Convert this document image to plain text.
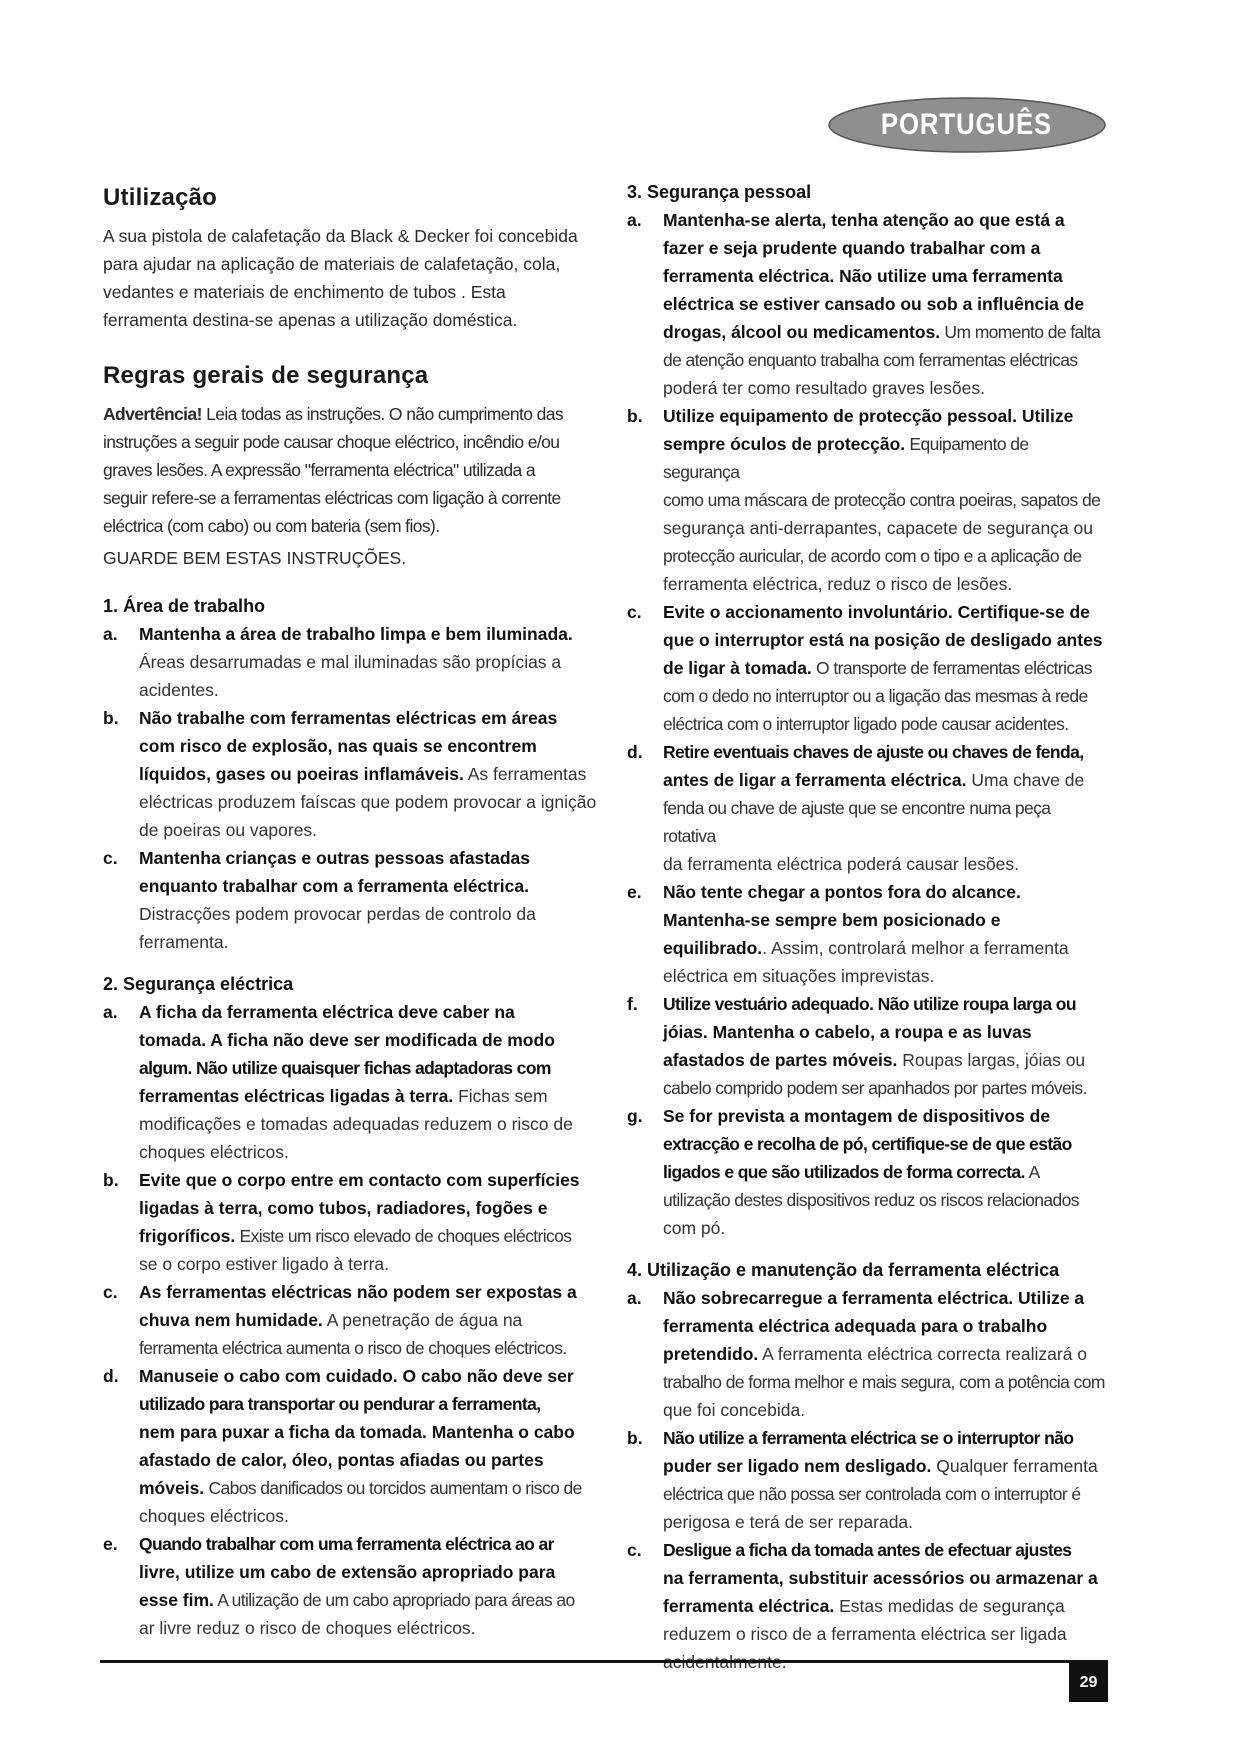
PORTUGUÊS
Utilização
A sua pistola de calafetação da Black & Decker foi concebida
para ajudar na aplicação de materiais de calafetação, cola,
vedantes e materiais de enchimento de tubos . Esta
ferramenta destina-se apenas a utilização doméstica.
Regras gerais de segurança
Advertência! Leia todas as instruções. O não cumprimento das
instruções a seguir pode causar choque eléctrico, incêndio e/ou
graves lesões. A expressão "ferramenta eléctrica" utilizada a
seguir refere-se a ferramentas eléctricas com ligação à corrente
eléctrica (com cabo) ou com bateria (sem fios).
GUARDE BEM ESTAS INSTRUÇÕES.
1. Área de trabalho
a. Mantenha a área de trabalho limpa e bem iluminada.
Áreas desarrumadas e mal iluminadas são propícias a
acidentes.
b. Não trabalhe com ferramentas eléctricas em áreas
com risco de explosão, nas quais se encontrem
líquidos, gases ou poeiras inflamáveis. As ferramentas
eléctricas produzem faíscas que podem provocar a ignição
de poeiras ou vapores.
c. Mantenha crianças e outras pessoas afastadas
enquanto trabalhar com a ferramenta eléctrica.
Distracções podem provocar perdas de controlo da
ferramenta.
2. Segurança eléctrica
a. A ficha da ferramenta eléctrica deve caber na
tomada. A ficha não deve ser modificada de modo
algum. Não utilize quaisquer fichas adaptadoras com
ferramentas eléctricas ligadas à terra. Fichas sem
modificações e tomadas adequadas reduzem o risco de
choques eléctricos.
b. Evite que o corpo entre em contacto com superfícies
ligadas à terra, como tubos, radiadores, fogões e
frigoríficos. Existe um risco elevado de choques eléctricos
se o corpo estiver ligado à terra.
c. As ferramentas eléctricas não podem ser expostas a
chuva nem humidade. A penetração de água na
ferramenta eléctrica aumenta o risco de choques eléctricos.
d. Manuseie o cabo com cuidado. O cabo não deve ser
utilizado para transportar ou pendurar a ferramenta,
nem para puxar a ficha da tomada. Mantenha o cabo
afastado de calor, óleo, pontas afiadas ou partes
móveis. Cabos danificados ou torcidos aumentam o risco de
choques eléctricos.
e. Quando trabalhar com uma ferramenta eléctrica ao ar
livre, utilize um cabo de extensão apropriado para
esse fim. A utilização de um cabo apropriado para áreas ao
ar livre reduz o risco de choques eléctricos.
3. Segurança pessoal
a. Mantenha-se alerta, tenha atenção ao que está a
fazer e seja prudente quando trabalhar com a
ferramenta eléctrica. Não utilize uma ferramenta
eléctrica se estiver cansado ou sob a influência de
drogas, álcool ou medicamentos. Um momento de falta
de atenção enquanto trabalha com ferramentas eléctricas
poderá ter como resultado graves lesões.
b. Utilize equipamento de protecção pessoal. Utilize
sempre óculos de protecção. Equipamento de segurança
como uma máscara de protecção contra poeiras, sapatos de
segurança anti-derrapantes, capacete de segurança ou
protecção auricular, de acordo com o tipo e a aplicação de
ferramenta eléctrica, reduz o risco de lesões.
c. Evite o accionamento involuntário. Certifique-se de
que o interruptor está na posição de desligado antes
de ligar à tomada. O transporte de ferramentas eléctricas
com o dedo no interruptor ou a ligação das mesmas à rede
eléctrica com o interruptor ligado pode causar acidentes.
d. Retire eventuais chaves de ajuste ou chaves de fenda,
antes de ligar a ferramenta eléctrica. Uma chave de
fenda ou chave de ajuste que se encontre numa peça rotativa
da ferramenta eléctrica poderá causar lesões.
e. Não tente chegar a pontos fora do alcance.
Mantenha-se sempre bem posicionado e
equilibrado.. Assim, controlará melhor a ferramenta
eléctrica em situações imprevistas.
f. Utilize vestuário adequado. Não utilize roupa larga ou
jóias. Mantenha o cabelo, a roupa e as luvas
afastados de partes móveis. Roupas largas, jóias ou
cabelo comprido podem ser apanhados por partes móveis.
g. Se for prevista a montagem de dispositivos de
extracção e recolha de pó, certifique-se de que estão
ligados e que são utilizados de forma correcta. A
utilização destes dispositivos reduz os riscos relacionados
com pó.
4. Utilização e manutenção da ferramenta eléctrica
a. Não sobrecarregue a ferramenta eléctrica. Utilize a
ferramenta eléctrica adequada para o trabalho
pretendido. A ferramenta eléctrica correcta realizará o
trabalho de forma melhor e mais segura, com a potência com
que foi concebida.
b. Não utilize a ferramenta eléctrica se o interruptor não
puder ser ligado nem desligado. Qualquer ferramenta
eléctrica que não possa ser controlada com o interruptor é
perigosa e terá de ser reparada.
c. Desligue a ficha da tomada antes de efectuar ajustes
na ferramenta, substituir acessórios ou armazenar a
ferramenta eléctrica. Estas medidas de segurança
reduzem o risco de a ferramenta eléctrica ser ligada

29
